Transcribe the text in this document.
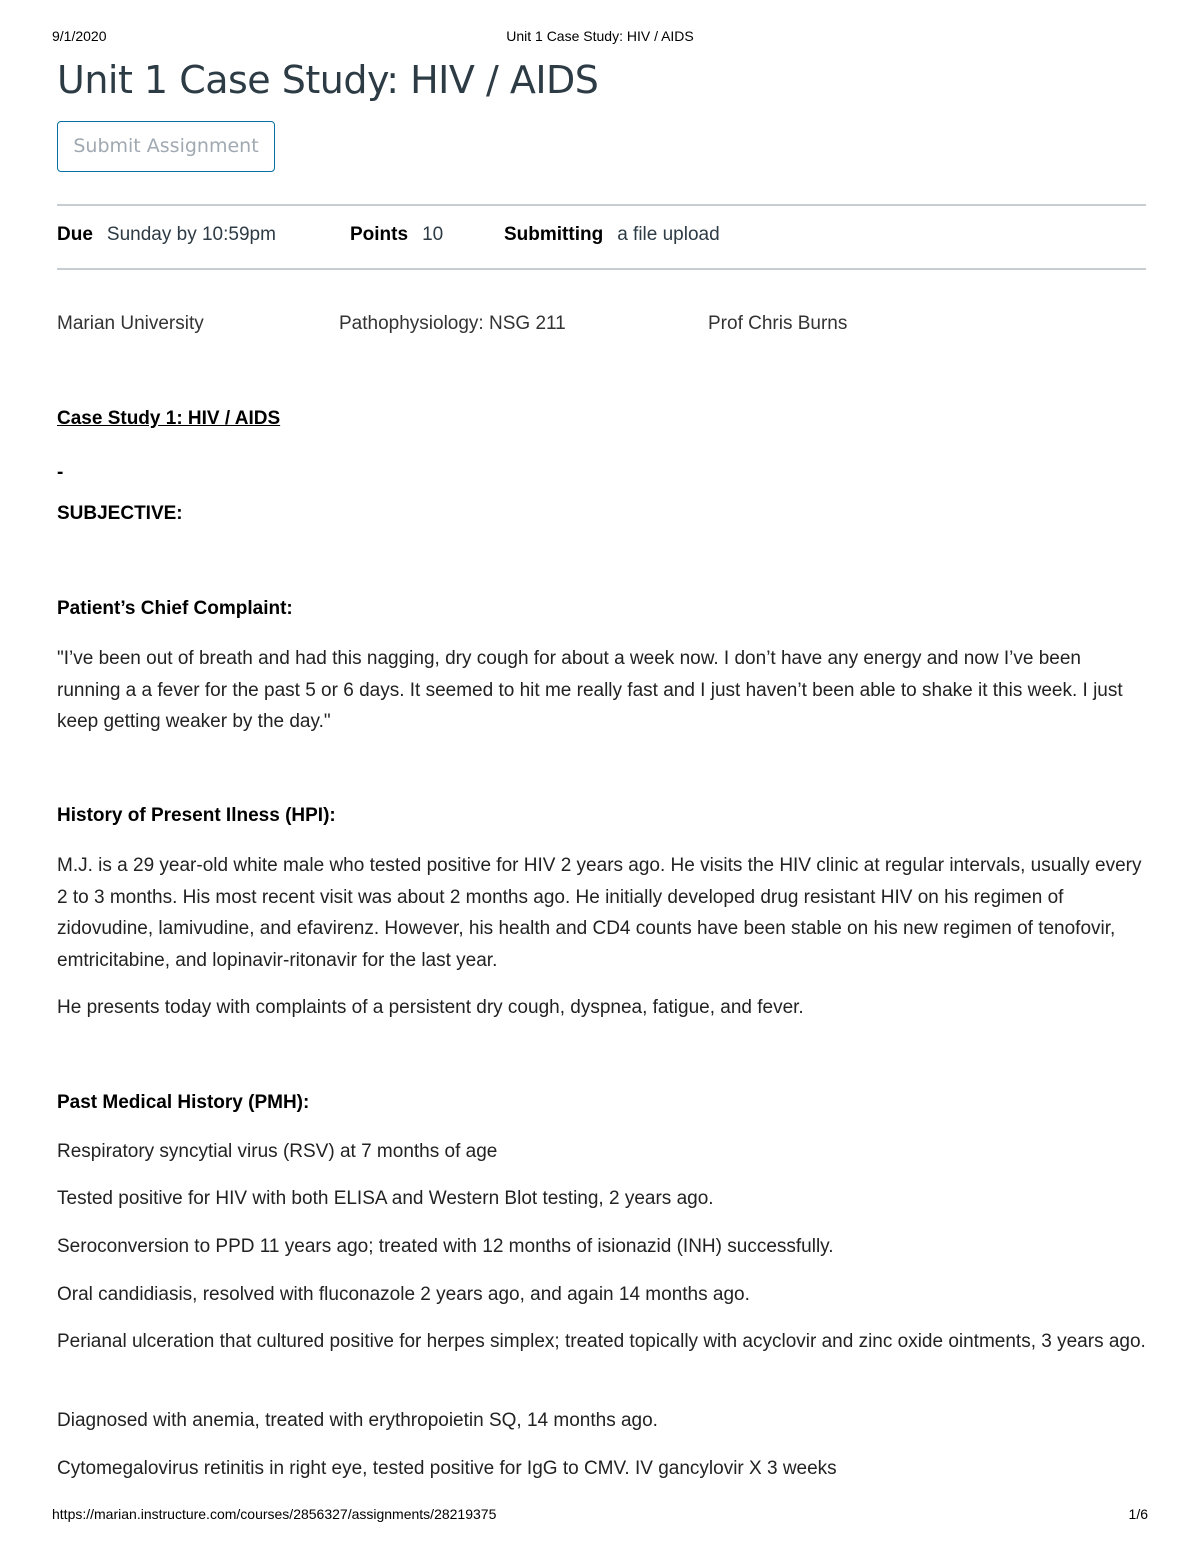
9/1/2020	Unit 1 Case Study: HIV / AIDS
Unit 1 Case Study: HIV / AIDS
Submit Assignment
Due Sunday by 10:59pm	Points 10	Submitting a file upload
Marian University	Pathophysiology: NSG 211	Prof Chris Burns
Case Study 1: HIV / AIDS
-
SUBJECTIVE:
Patient’s Chief Complaint:

"I’ve been out of breath and had this nagging, dry cough for about a week now. I don’t have any energy and now I’ve been running a a fever for the past 5 or 6 days. It seemed to hit me really fast and I just haven’t been able to shake it this week. I just keep getting weaker by the day."

History of Present Ilness (HPI):

M.J. is a 29 year-old white male who tested positive for HIV 2 years ago. He visits the HIV clinic at regular intervals, usually every 2 to 3 months. His most recent visit was about 2 months ago. He initially developed drug resistant HIV on his regimen of zidovudine, lamivudine, and efavirenz. However, his health and CD4 counts have been stable on his new regimen of tenofovir, emtricitabine, and lopinavir-ritonavir for the last year.

He presents today with complaints of a persistent dry cough, dyspnea, fatigue, and fever.

Past Medical History (PMH):

Respiratory syncytial virus (RSV) at 7 months of age

Tested positive for HIV with both ELISA and Western Blot testing, 2 years ago.

Seroconversion to PPD 11 years ago; treated with 12 months of isionazid (INH) successfully.

Oral candidiasis, resolved with fluconazole 2 years ago, and again 14 months ago.

Perianal ulceration that cultured positive for herpes simplex; treated topically with acyclovir and zinc oxide ointments, 3 years ago.

Diagnosed with anemia, treated with erythropoietin SQ, 14 months ago.

Cytomegalovirus retinitis in right eye, tested positive for IgG to CMV. IV gancylovir X 3 weeks

https://marian.instructure.com/courses/2856327/assignments/28219375	1/6
